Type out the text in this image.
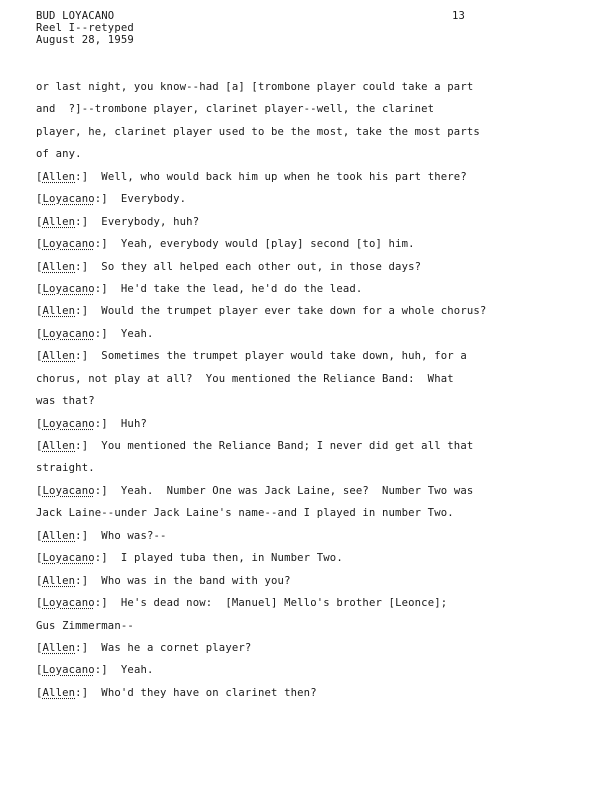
BUD LOYACANO
Reel I--retyped
August 28, 1959
13
or last night, you know--had [a] [trombone player could take a part
and  ?]--trombone player, clarinet player--well, the clarinet
player, he, clarinet player used to be the most, take the most parts
of any.
[Allen:]  Well, who would back him up when he took his part there?
[Loyacano:]  Everybody.
[Allen:]  Everybody, huh?
[Loyacano:]  Yeah, everybody would [play] second [to] him.
[Allen:]  So they all helped each other out, in those days?
[Loyacano:]  He'd take the lead, he'd do the lead.
[Allen:]  Would the trumpet player ever take down for a whole chorus?
[Loyacano:]  Yeah.
[Allen:]  Sometimes the trumpet player would take down, huh, for a
chorus, not play at all?  You mentioned the Reliance Band:  What
was that?
[Loyacano:]  Huh?
[Allen:]  You mentioned the Reliance Band; I never did get all that
straight.
[Loyacano:]  Yeah.  Number One was Jack Laine, see?  Number Two was
Jack Laine--under Jack Laine's name--and I played in number Two.
[Allen:]  Who was?--
[Loyacano:]  I played tuba then, in Number Two.
[Allen:]  Who was in the band with you?
[Loyacano:]  He's dead now:  [Manuel] Mello's brother [Leonce];
Gus Zimmerman--
[Allen:]  Was he a cornet player?
[Loyacano:]  Yeah.
[Allen:]  Who'd they have on clarinet then?
